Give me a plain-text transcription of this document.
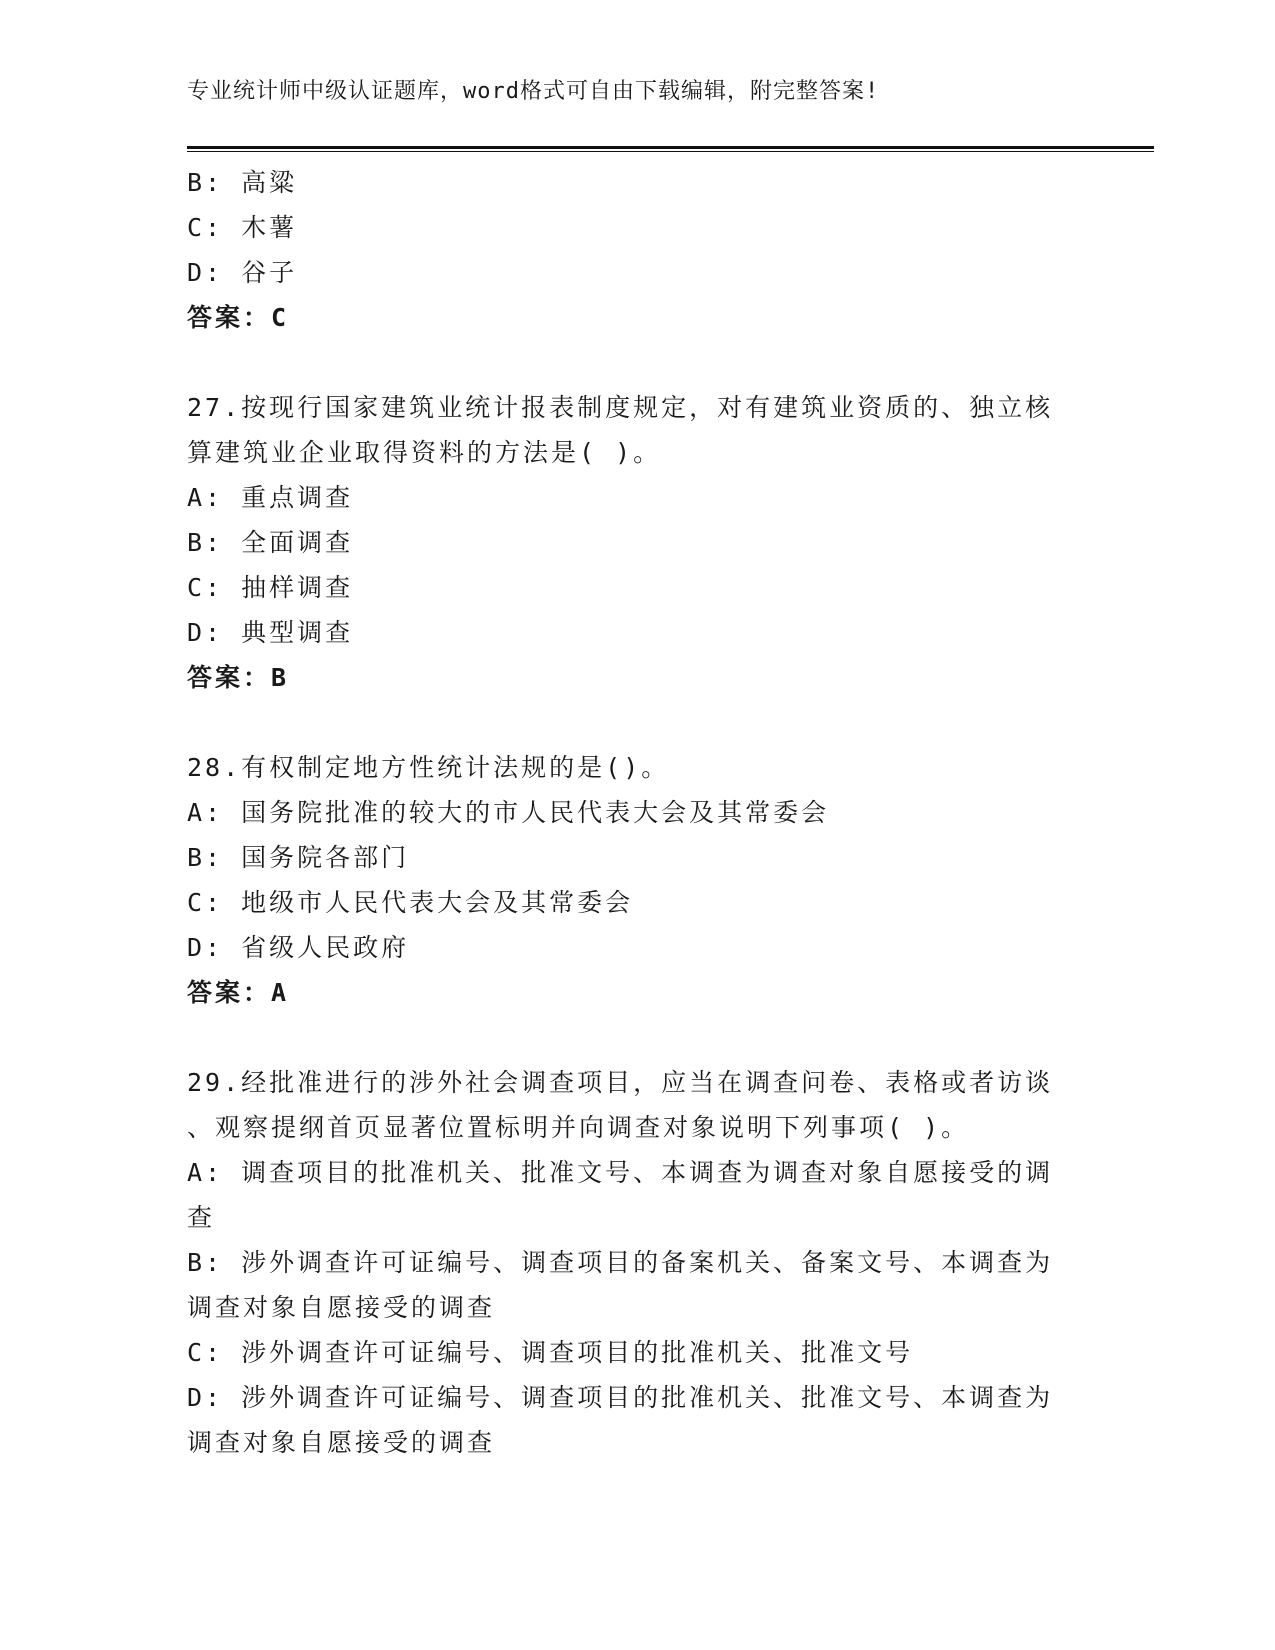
专业统计师中级认证题库，word格式可自由下载编辑，附完整答案!

B: 高粱

C: 木薯

D: 谷子

答案：C

27.按现行国家建筑业统计报表制度规定，对有建筑业资质的、独立核

算建筑业企业取得资料的方法是( )。

A: 重点调查

B: 全面调查

C: 抽样调查

D: 典型调查

答案：B

28.有权制定地方性统计法规的是()。

A: 国务院批准的较大的市人民代表大会及其常委会

B: 国务院各部门

C: 地级市人民代表大会及其常委会

D: 省级人民政府

答案：A

29.经批准进行的涉外社会调查项目，应当在调查问卷、表格或者访谈

、观察提纲首页显著位置标明并向调查对象说明下列事项( )。

A: 调查项目的批准机关、批准文号、本调查为调查对象自愿接受的调

查

B: 涉外调查许可证编号、调查项目的备案机关、备案文号、本调查为

调查对象自愿接受的调查

C: 涉外调查许可证编号、调查项目的批准机关、批准文号

D: 涉外调查许可证编号、调查项目的批准机关、批准文号、本调查为

调查对象自愿接受的调查
